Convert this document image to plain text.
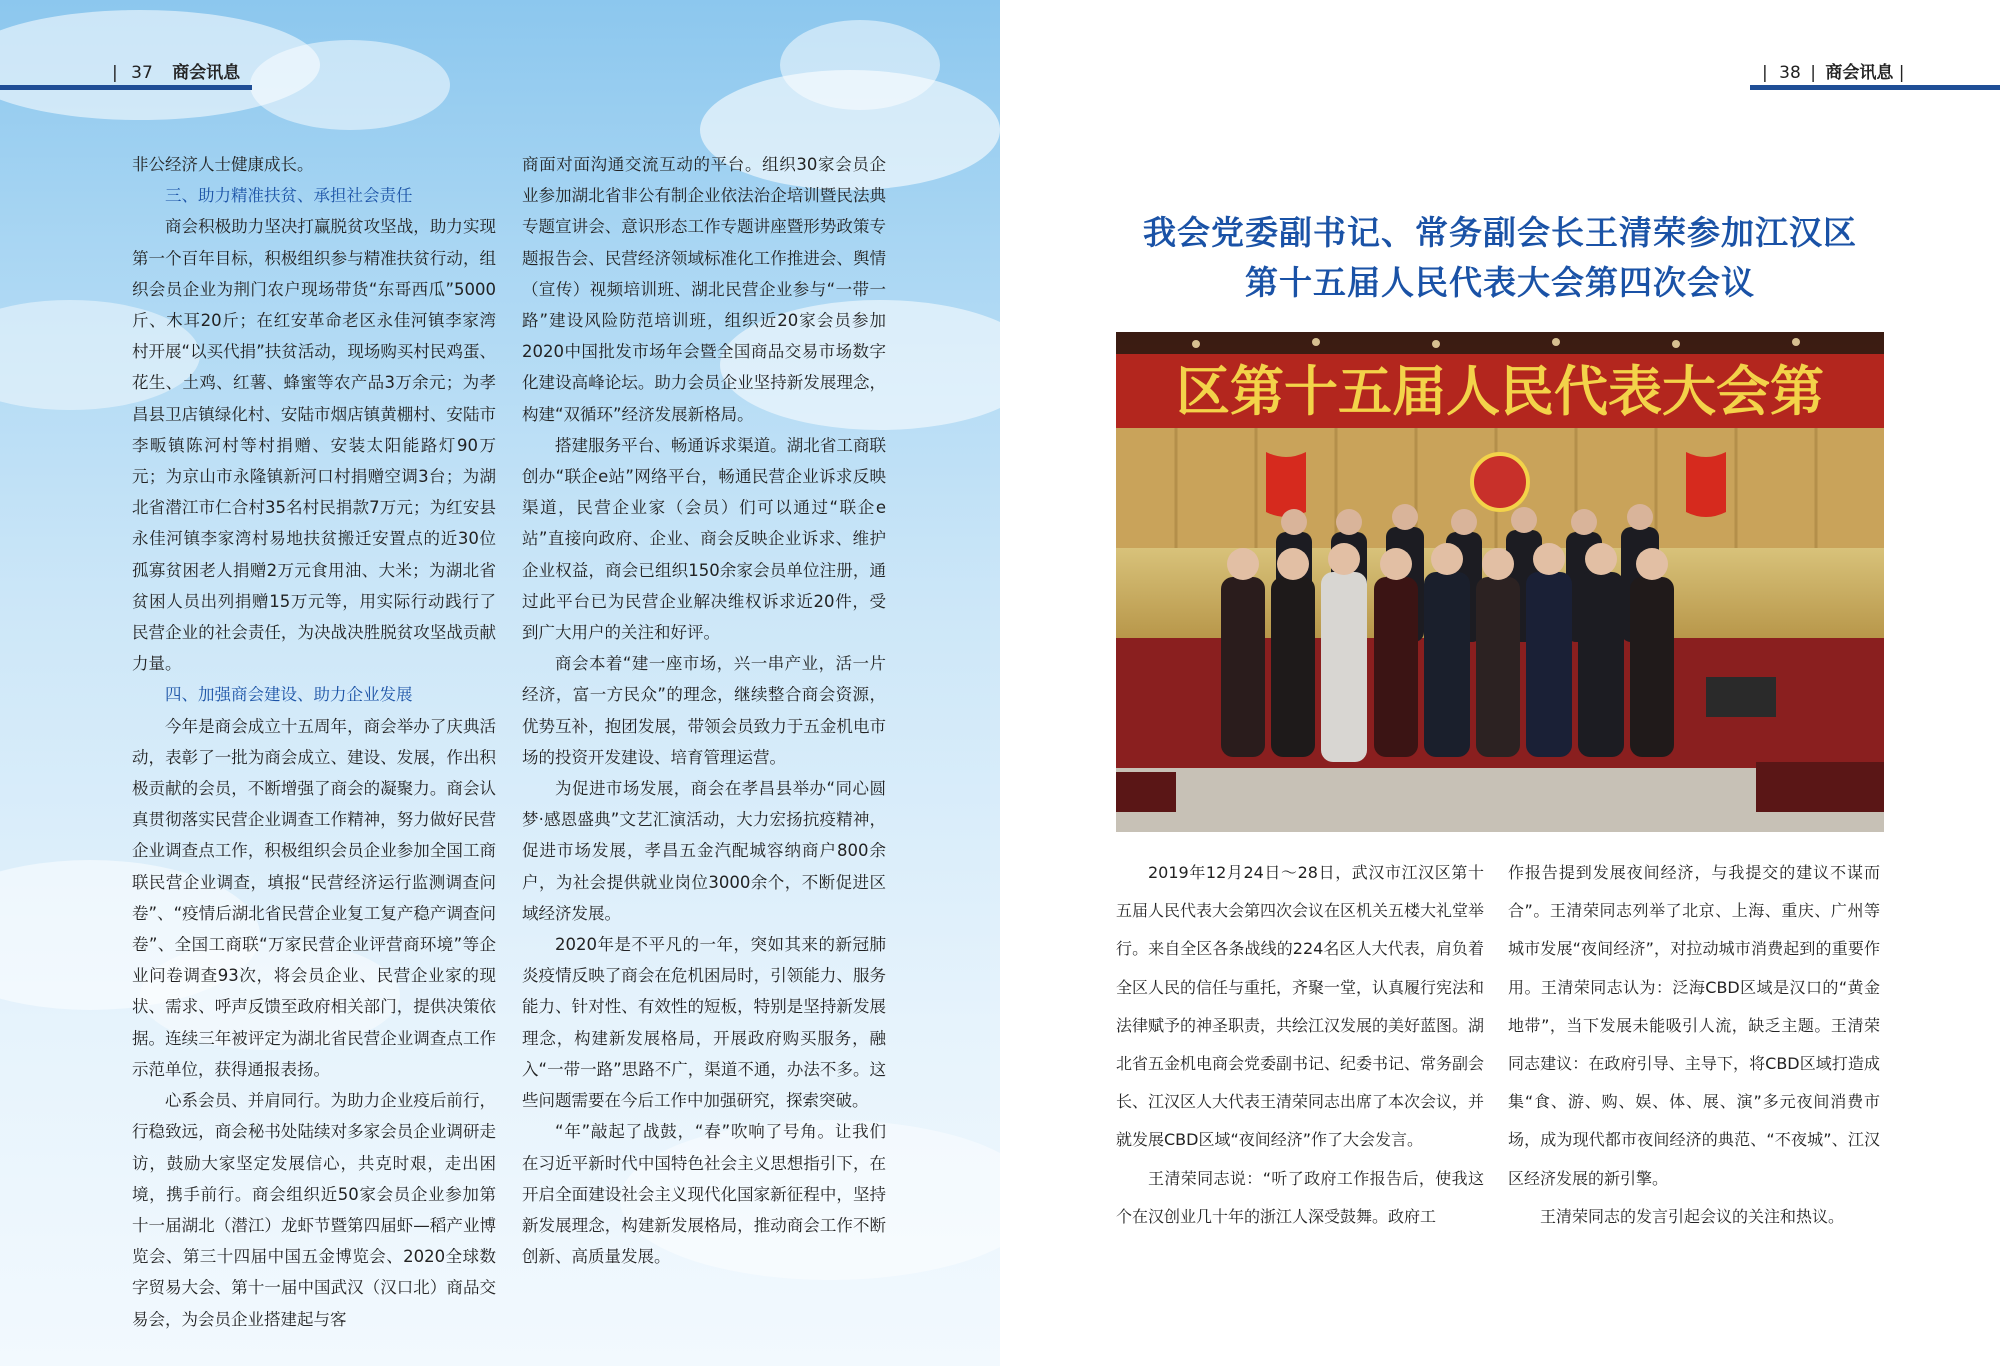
| 37 商会讯息

非公经济人士健康成长。

三、助力精准扶贫、承担社会责任

商会积极助力坚决打赢脱贫攻坚战，助力实现第一个百年目标，积极组织参与精准扶贫行动，组织会员企业为荆门农户现场带货“东哥西瓜”5000斤、木耳20斤；在红安革命老区永佳河镇李家湾村开展“以买代捐”扶贫活动，现场购买村民鸡蛋、花生、土鸡、红薯、蜂蜜等农产品3万余元；为孝昌县卫店镇绿化村、安陆市烟店镇黄棚村、安陆市李畈镇陈河村等村捐赠、安装太阳能路灯90万元；为京山市永隆镇新河口村捐赠空调3台；为湖北省潜江市仁合村35名村民捐款7万元；为红安县永佳河镇李家湾村易地扶贫搬迁安置点的近30位孤寡贫困老人捐赠2万元食用油、大米；为湖北省贫困人员出列捐赠15万元等，用实际行动践行了民营企业的社会责任，为决战决胜脱贫攻坚战贡献力量。

四、加强商会建设、助力企业发展

今年是商会成立十五周年，商会举办了庆典活动，表彰了一批为商会成立、建设、发展，作出积极贡献的会员，不断增强了商会的凝聚力。商会认真贯彻落实民营企业调查工作精神，努力做好民营企业调查点工作，积极组织会员企业参加全国工商联民营企业调查，填报“民营经济运行监测调查问卷”、“疫情后湖北省民营企业复工复产稳产调查问卷”、全国工商联“万家民营企业评营商环境”等企业问卷调查93次，将会员企业、民营企业家的现状、需求、呼声反馈至政府相关部门，提供决策依据。连续三年被评定为湖北省民营企业调查点工作示范单位，获得通报表扬。

心系会员、并肩同行。为助力企业疫后前行，行稳致远，商会秘书处陆续对多家会员企业调研走访，鼓励大家坚定发展信心，共克时艰，走出困境，携手前行。商会组织近50家会员企业参加第十一届湖北（潜江）龙虾节暨第四届虾—稻产业博览会、第三十四届中国五金博览会、2020全球数字贸易大会、第十一届中国武汉（汉口北）商品交易会，为会员企业搭建起与客

商面对面沟通交流互动的平台。组织30家会员企业参加湖北省非公有制企业依法治企培训暨民法典专题宣讲会、意识形态工作专题讲座暨形势政策专题报告会、民营经济领域标准化工作推进会、舆情（宣传）视频培训班、湖北民营企业参与“一带一路”建设风险防范培训班，组织近20家会员参加2020中国批发市场年会暨全国商品交易市场数字化建设高峰论坛。助力会员企业坚持新发展理念，构建“双循环”经济发展新格局。

搭建服务平台、畅通诉求渠道。湖北省工商联创办“联企e站”网络平台，畅通民营企业诉求反映渠道，民营企业家（会员）们可以通过“联企e站”直接向政府、企业、商会反映企业诉求、维护企业权益，商会已组织150余家会员单位注册，通过此平台已为民营企业解决维权诉求近20件，受到广大用户的关注和好评。

商会本着“建一座市场，兴一串产业，活一片经济，富一方民众”的理念，继续整合商会资源，优势互补，抱团发展，带领会员致力于五金机电市场的投资开发建设、培育管理运营。

为促进市场发展，商会在孝昌县举办“同心圆梦·感恩盛典”文艺汇演活动，大力宏扬抗疫精神，促进市场发展，孝昌五金汽配城容纳商户800余户，为社会提供就业岗位3000余个，不断促进区域经济发展。

2020年是不平凡的一年，突如其来的新冠肺炎疫情反映了商会在危机困局时，引领能力、服务能力、针对性、有效性的短板，特别是坚持新发展理念，构建新发展格局，开展政府购买服务，融入“一带一路”思路不广，渠道不通，办法不多。这些问题需要在今后工作中加强研究，探索突破。

“年”敲起了战鼓，“春”吹响了号角。让我们在习近平新时代中国特色社会主义思想指引下，在开启全面建设社会主义现代化国家新征程中，坚持新发展理念，构建新发展格局，推动商会工作不断创新、高质量发展。

| 38 | 商会讯息 |
我会党委副书记、常务副会长王清荣参加江汉区
第十五届人民代表大会第四次会议
区第十五届人民代表大会第

2019年12月24日～28日，武汉市江汉区第十五届人民代表大会第四次会议在区机关五楼大礼堂举行。来自全区各条战线的224名区人大代表，肩负着全区人民的信任与重托，齐聚一堂，认真履行宪法和法律赋予的神圣职责，共绘江汉发展的美好蓝图。湖北省五金机电商会党委副书记、纪委书记、常务副会长、江汉区人大代表王清荣同志出席了本次会议，并就发展CBD区域“夜间经济”作了大会发言。

王清荣同志说：“听了政府工作报告后，使我这个在汉创业几十年的浙江人深受鼓舞。政府工

作报告提到发展夜间经济，与我提交的建议不谋而合”。王清荣同志列举了北京、上海、重庆、广州等城市发展“夜间经济”，对拉动城市消费起到的重要作用。王清荣同志认为：泛海CBD区域是汉口的“黄金地带”，当下发展未能吸引人流，缺乏主题。王清荣同志建议：在政府引导、主导下，将CBD区域打造成集“食、游、购、娱、体、展、演”多元夜间消费市场，成为现代都市夜间经济的典范、“不夜城”、江汉区经济发展的新引擎。

王清荣同志的发言引起会议的关注和热议。
